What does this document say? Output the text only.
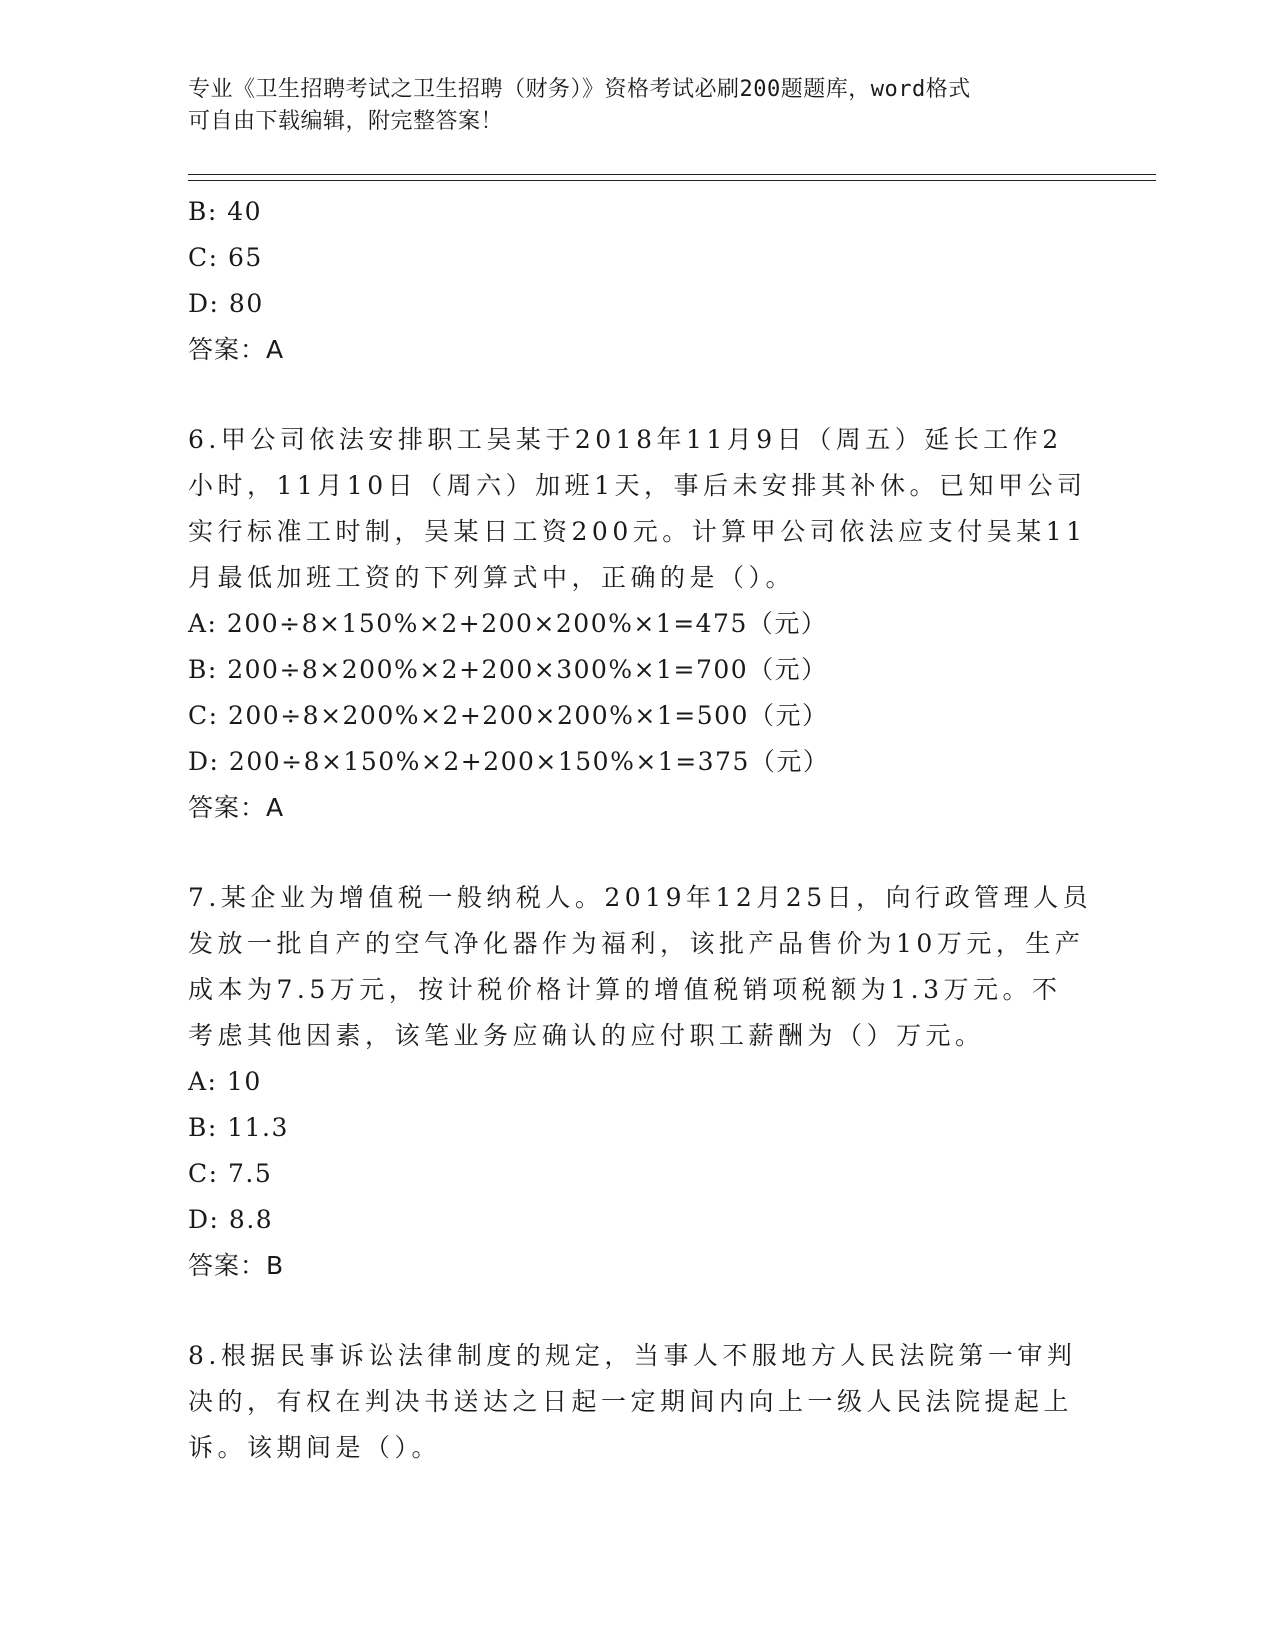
专业《卫生招聘考试之卫生招聘（财务）》资格考试必刷200题题库，word格式
可自由下载编辑，附完整答案！
B: 40
C: 65
D: 80
答案：A
6.甲公司依法安排职工吴某于2018年11月9日（周五）延长工作2
小时，11月10日（周六）加班1天，事后未安排其补休。已知甲公司
实行标准工时制，吴某日工资200元。计算甲公司依法应支付吴某11
月最低加班工资的下列算式中，正确的是（）。
A: 200÷8×150%×2+200×200%×1=475（元）
B: 200÷8×200%×2+200×300%×1=700（元）
C: 200÷8×200%×2+200×200%×1=500（元）
D: 200÷8×150%×2+200×150%×1=375（元）
答案：A
7.某企业为增值税一般纳税人。2019年12月25日，向行政管理人员
发放一批自产的空气净化器作为福利，该批产品售价为10万元，生产
成本为7.5万元，按计税价格计算的增值税销项税额为1.3万元。不
考虑其他因素，该笔业务应确认的应付职工薪酬为（）万元。
A: 10
B: 11.3
C: 7.5
D: 8.8
答案：B
8.根据民事诉讼法律制度的规定，当事人不服地方人民法院第一审判
决的，有权在判决书送达之日起一定期间内向上一级人民法院提起上
诉。该期间是（）。
